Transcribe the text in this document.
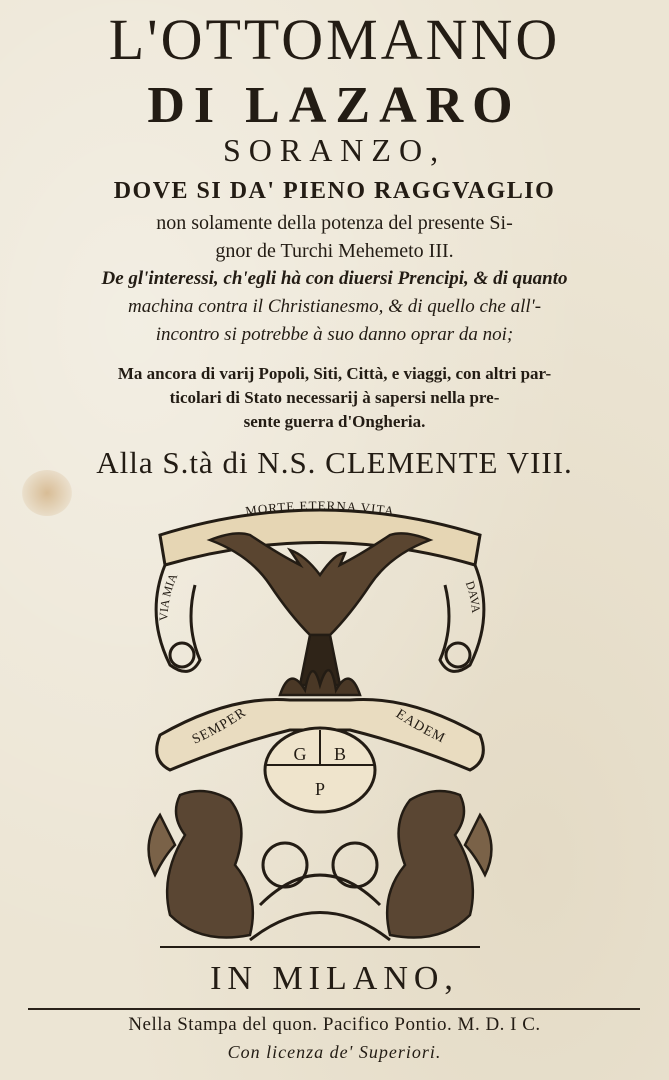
L'OTTOMANNO

DI LAZARO

SORANZO,

DOVE SI DA' PIENO RAGGVAGLIO

non solamente della potenza del presente Si-

gnor de Turchi Mehemeto III.

De gl'interessi, ch'egli hà con diuersi Prencipi, & di quanto

machina contra il Christianesmo, & di quello che all'-

incontro si potrebbe à suo danno oprar da noi;

Ma ancora di varij Popoli, Siti, Città, e viaggi, con altri par-

ticolari di Stato necessarij à sapersi nella pre-

sente guerra d'Ongheria.

Alla S.tà di N.S. CLEMENTE VIII.

MORTE ETERNA VITA
VIA MIA
DAVA
SEMPER	EADEM
G B
P

IN MILANO,

Nella Stampa del quon. Pacifico Pontio. M. D. I C.

Con licenza de' Superiori.
